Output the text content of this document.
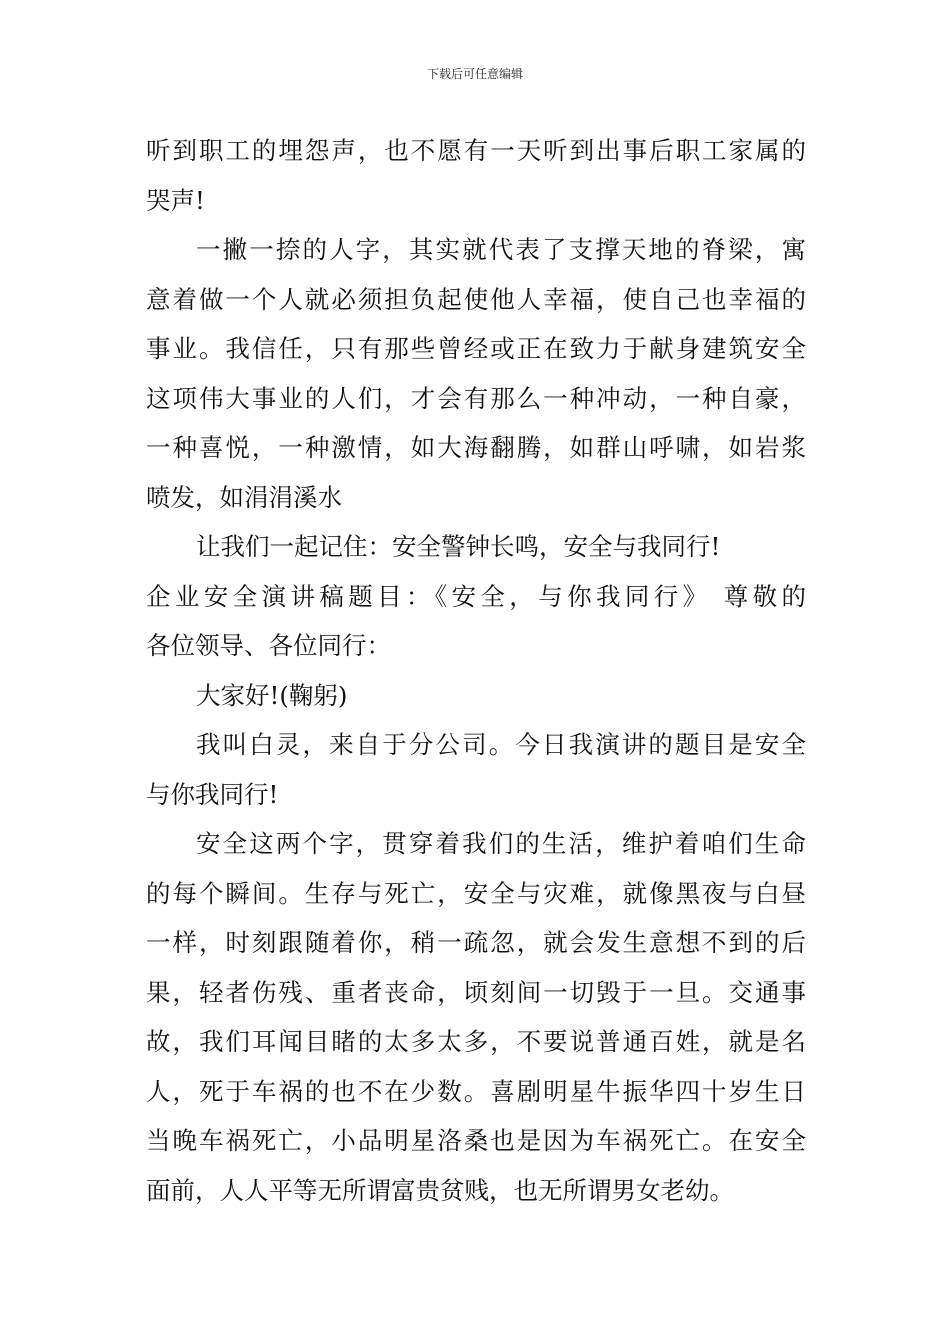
下载后可任意编辑
听到职工的埋怨声，也不愿有一天听到出事后职工家属的
哭声!
一撇一捺的人字，其实就代表了支撑天地的脊梁，寓
意着做一个人就必须担负起使他人幸福，使自己也幸福的
事业。我信任，只有那些曾经或正在致力于献身建筑安全
这项伟大事业的人们，才会有那么一种冲动，一种自豪，
一种喜悦，一种激情，如大海翻腾，如群山呼啸，如岩浆
喷发，如涓涓溪水
让我们一起记住：安全警钟长鸣，安全与我同行!
企业安全演讲稿题目：《安全，与你我同行》 尊敬的
各位领导、各位同行：
大家好!(鞠躬)
我叫白灵，来自于分公司。今日我演讲的题目是安全
与你我同行!
安全这两个字，贯穿着我们的生活，维护着咱们生命
的每个瞬间。生存与死亡，安全与灾难，就像黑夜与白昼
一样，时刻跟随着你，稍一疏忽，就会发生意想不到的后
果，轻者伤残、重者丧命，顷刻间一切毁于一旦。交通事
故，我们耳闻目睹的太多太多，不要说普通百姓，就是名
人，死于车祸的也不在少数。喜剧明星牛振华四十岁生日
当晚车祸死亡，小品明星洛桑也是因为车祸死亡。在安全
面前，人人平等无所谓富贵贫贱，也无所谓男女老幼。
